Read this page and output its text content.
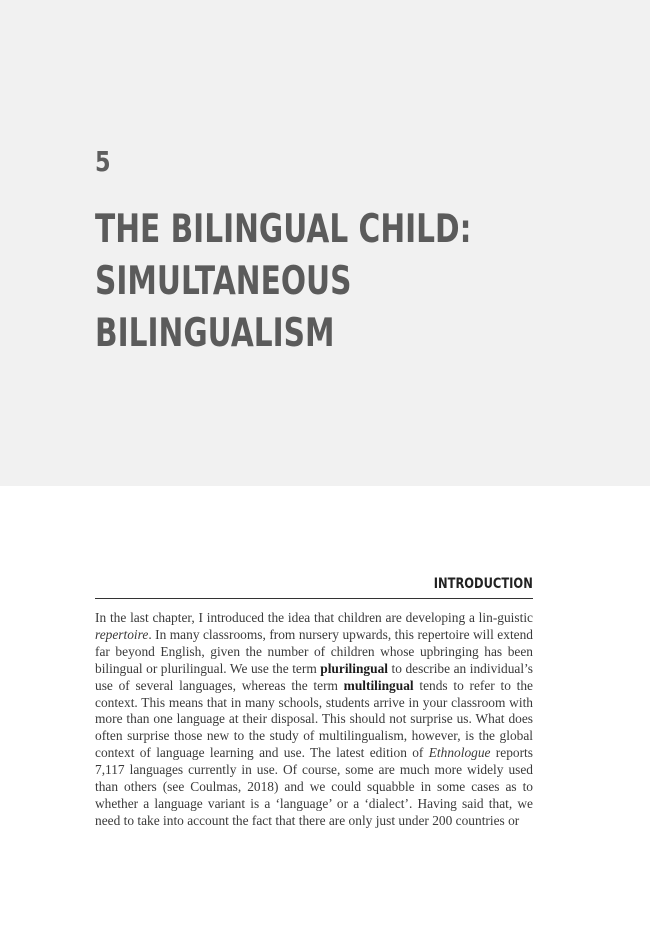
5
THE BILINGUAL CHILD:
SIMULTANEOUS BILINGUALISM
INTRODUCTION

In the last chapter, I introduced the idea that children are developing a lin-guistic repertoire. In many classrooms, from nursery upwards, this repertoire will extend far beyond English, given the number of children whose upbringing has been bilingual or plurilingual. We use the term plurilingual to describe an individual’s use of several languages, whereas the term multilingual tends to refer to the context. This means that in many schools, students arrive in your classroom with more than one language at their disposal. This should not surprise us. What does often surprise those new to the study of multilingualism, however, is the global context of language learning and use. The latest edition of Ethnologue reports 7,117 languages currently in use. Of course, some are much more widely used than others (see Coulmas, 2018) and we could squabble in some cases as to whether a language variant is a ‘language’ or a ‘dialect’. Having said that, we need to take into account the fact that there are only just under 200 countries or
